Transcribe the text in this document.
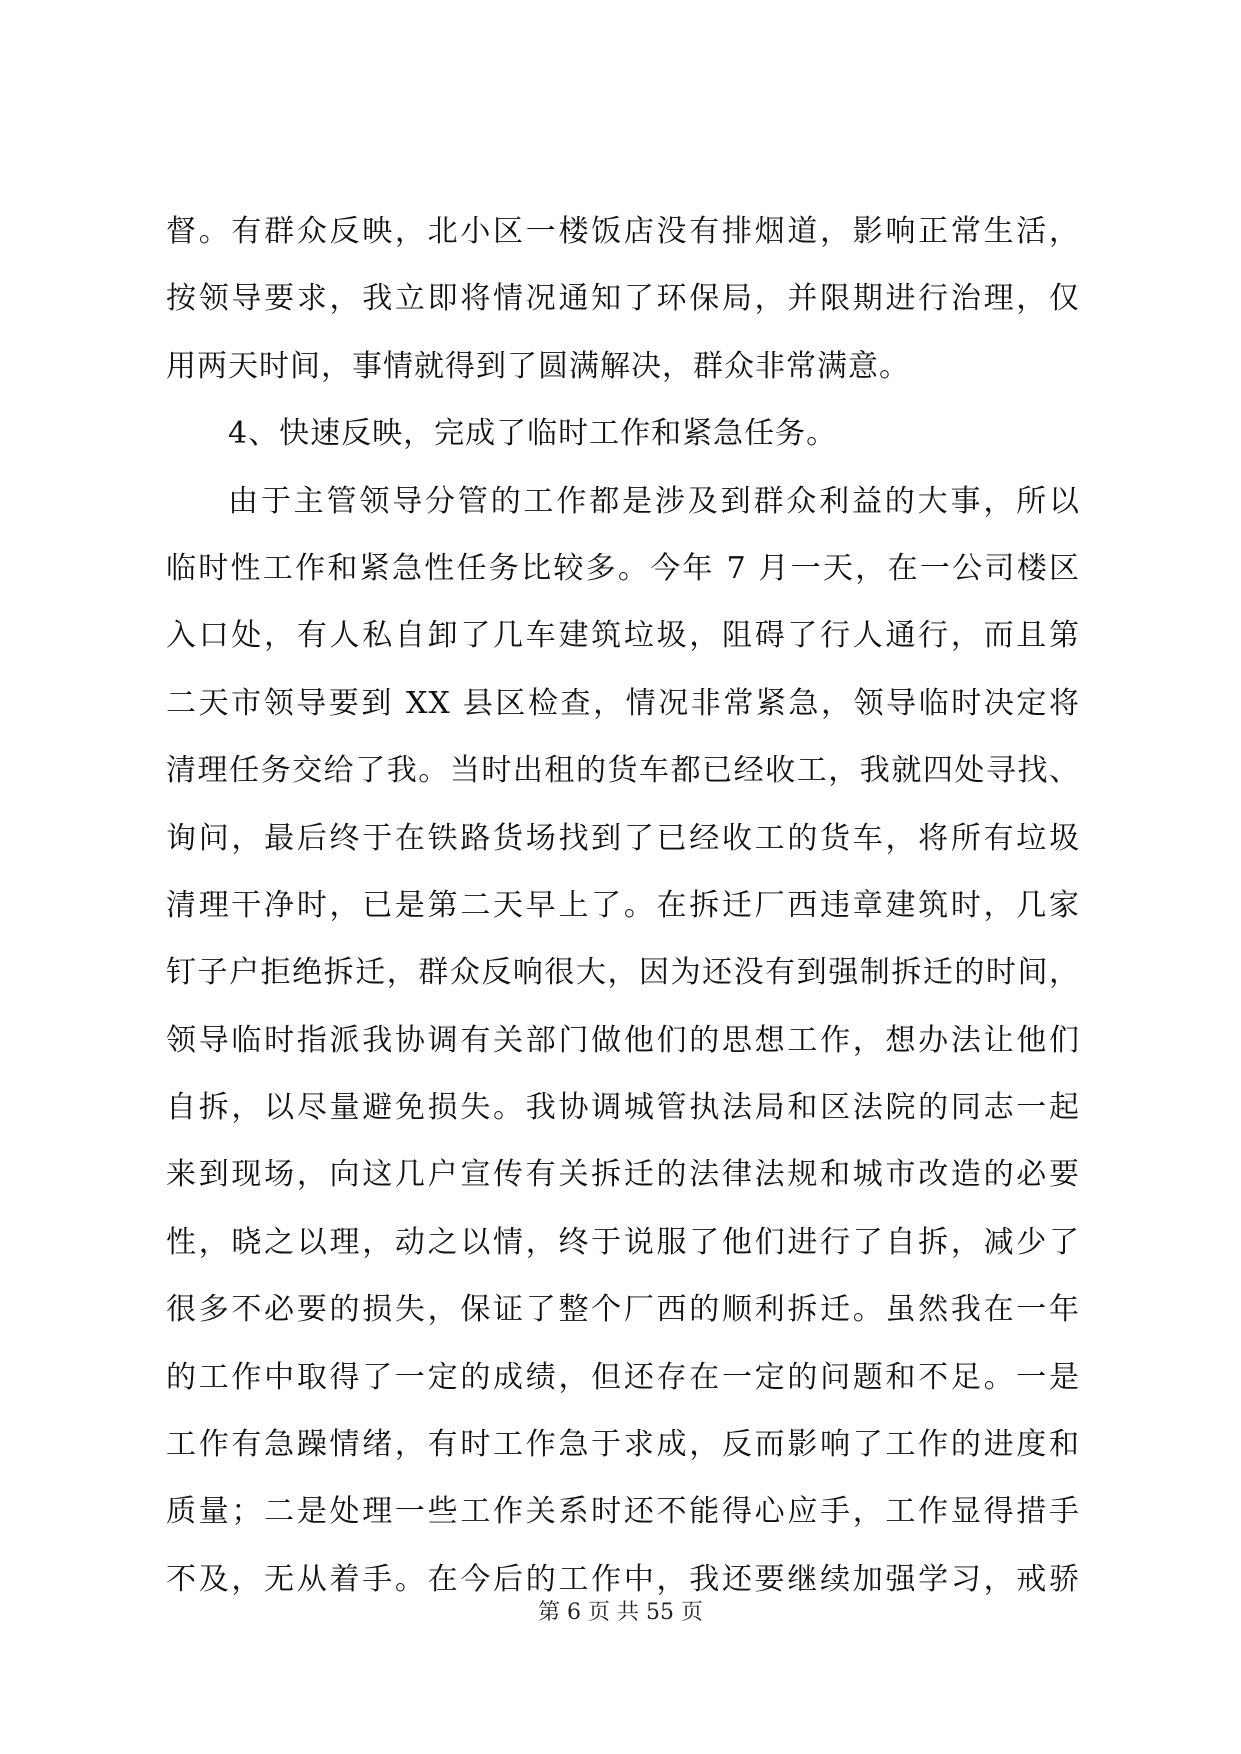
督。有群众反映，北小区一楼饭店没有排烟道，影响正常生活，
按领导要求，我立即将情况通知了环保局，并限期进行治理，仅
用两天时间，事情就得到了圆满解决，群众非常满意。
4、快速反映，完成了临时工作和紧急任务。
由于主管领导分管的工作都是涉及到群众利益的大事，所以
临时性工作和紧急性任务比较多。今年 7 月一天，在一公司楼区
入口处，有人私自卸了几车建筑垃圾，阻碍了行人通行，而且第
二天市领导要到 XX 县区检查，情况非常紧急，领导临时决定将
清理任务交给了我。当时出租的货车都已经收工，我就四处寻找、
询问，最后终于在铁路货场找到了已经收工的货车，将所有垃圾
清理干净时，已是第二天早上了。在拆迁厂西违章建筑时，几家
钉子户拒绝拆迁，群众反响很大，因为还没有到强制拆迁的时间，
领导临时指派我协调有关部门做他们的思想工作，想办法让他们
自拆，以尽量避免损失。我协调城管执法局和区法院的同志一起
来到现场，向这几户宣传有关拆迁的法律法规和城市改造的必要
性，晓之以理，动之以情，终于说服了他们进行了自拆，减少了
很多不必要的损失，保证了整个厂西的顺利拆迁。虽然我在一年
的工作中取得了一定的成绩，但还存在一定的问题和不足。一是
工作有急躁情绪，有时工作急于求成，反而影响了工作的进度和
质量；二是处理一些工作关系时还不能得心应手，工作显得措手
不及，无从着手。在今后的工作中，我还要继续加强学习，戒骄
第 6 页 共 55 页
